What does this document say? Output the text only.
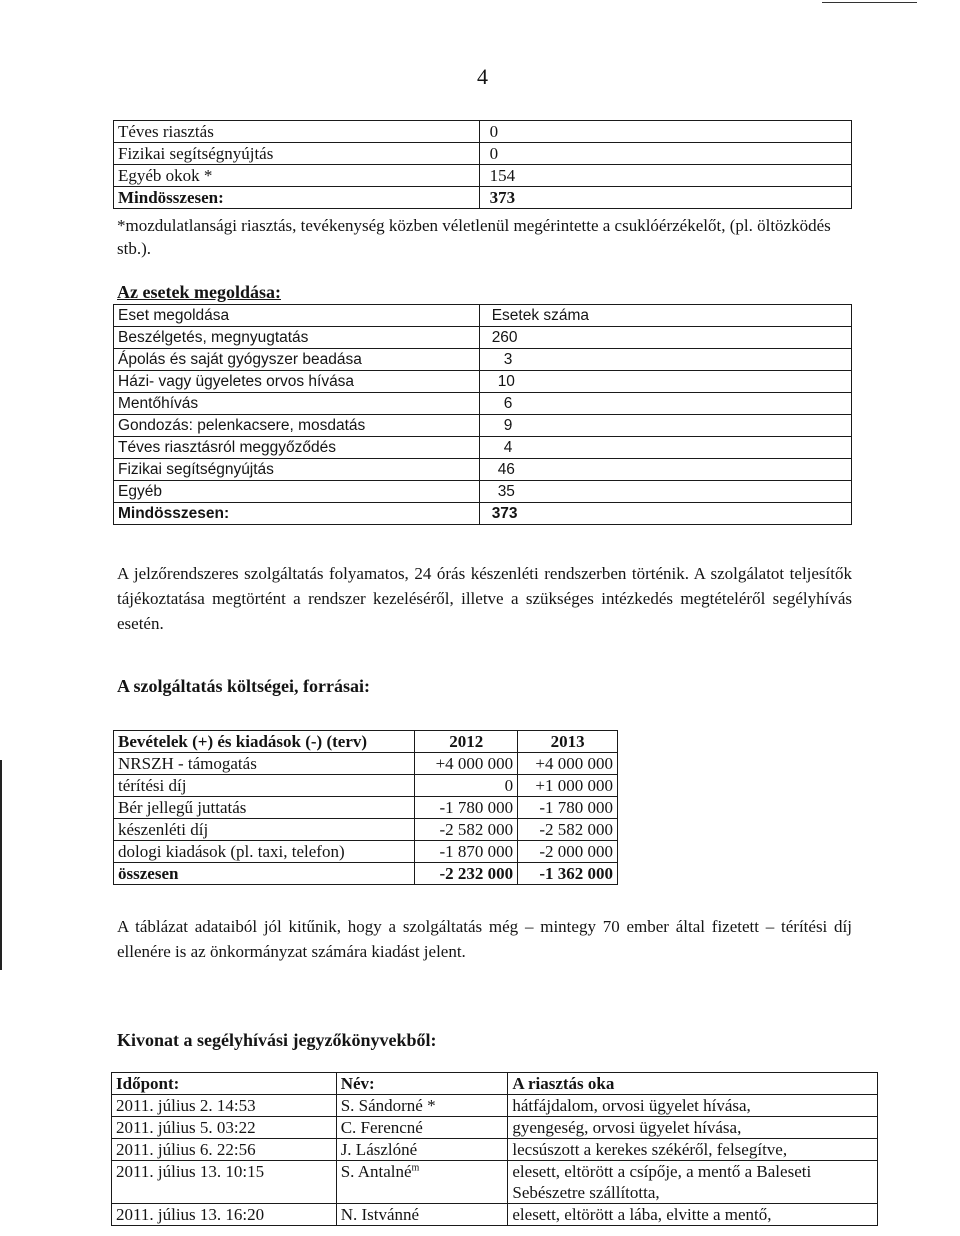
4
Téves riasztás	0
Fizikai segítségnyújtás	0
Egyéb okok *	154
Mindösszesen:	373
*mozdulatlansági riasztás, tevékenység közben véletlenül megérintette a csuklóérzékelőt, (pl. öltözködés stb.).
Az esetek megoldása:
Eset megoldása	Esetek száma
Beszélgetés, megnyugtatás	260
Ápolás és saját gyógyszer beadása	3
Házi- vagy ügyeletes orvos hívása	10
Mentőhívás	6
Gondozás: pelenkacsere, mosdatás	9
Téves riasztásról meggyőződés	4
Fizikai segítségnyújtás	46
Egyéb	35
Mindösszesen:	373
A jelzőrendszeres szolgáltatás folyamatos, 24 órás készenléti rendszerben történik. A szolgálatot teljesítők tájékoztatása megtörtént a rendszer kezeléséről, illetve a szükséges intézkedés megtételéről segélyhívás esetén.
A szolgáltatás költségei, forrásai:
Bevételek (+) és kiadások (-) (terv)	2012	2013
NRSZH - támogatás	+4 000 000	+4 000 000
térítési díj	0	+1 000 000
Bér jellegű juttatás	-1 780 000	-1 780 000
készenléti díj	-2 582 000	-2 582 000
dologi kiadások (pl. taxi, telefon)	-1 870 000	-2 000 000
összesen	-2 232 000	-1 362 000
A táblázat adataiból jól kitűnik, hogy a szolgáltatás még – mintegy 70 ember által fizetett – térítési díj ellenére is az önkormányzat számára kiadást jelent.
Kivonat a segélyhívási jegyzőkönyvekből:
Időpont:	Név:	A riasztás oka
2011. július 2. 14:53	S. Sándorné *	hátfájdalom, orvosi ügyelet hívása,
2011. július 5. 03:22	C. Ferencné	gyengeség, orvosi ügyelet hívása,
2011. július 6. 22:56	J. Lászlóné	lecsúszott a kerekes székéről, felsegítve,
2011. július 13. 10:15	S. Antalné$^m$	elesett, eltörött a csípője, a mentő a Baleseti
Sebészetre szállította,

2011. július 13. 16:20	N. Istvánné	elesett, eltörött a lába, elvitte a mentő,
